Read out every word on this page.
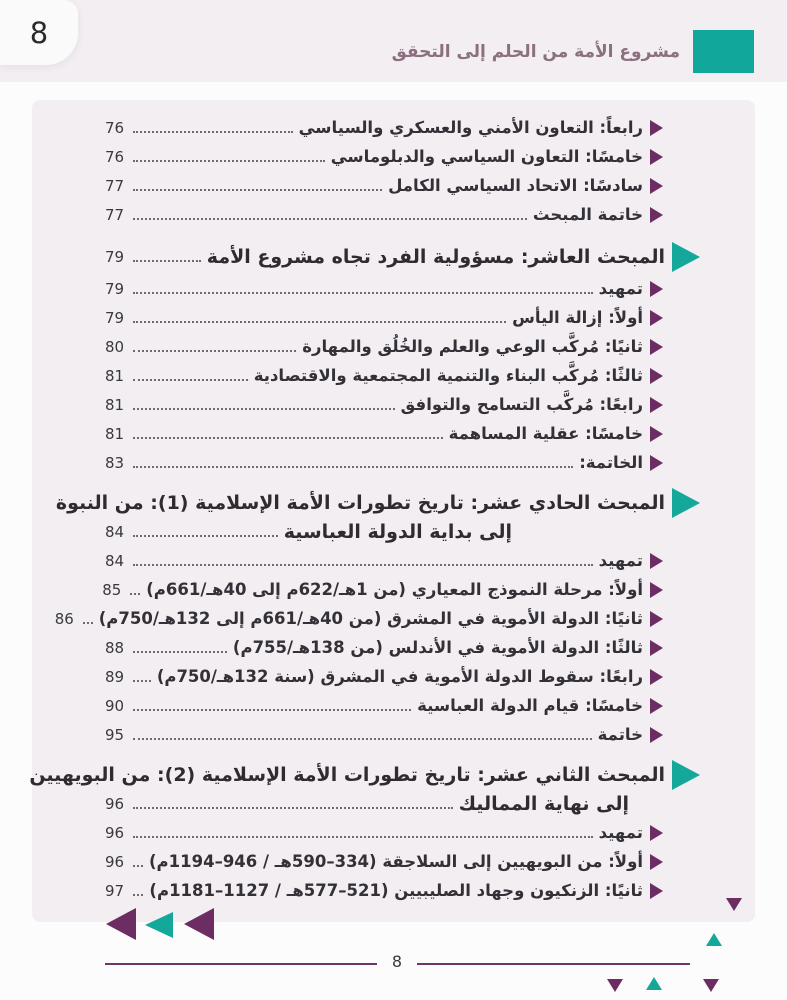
8
مشروع الأمة من الحلم إلى التحقق
رابعاً: التعاون الأمني والعسكري والسياسي
76
خامسًا: التعاون السياسي والدبلوماسي
76
سادسًا: الاتحاد السياسي الكامل
77
خاتمة المبحث
77
المبحث العاشر: مسؤولية الفرد تجاه مشروع الأمة
79
تمهيد
79
أولاً: إزالة اليأس
79
ثانيًا: مُركَّب الوعي والعلم والخُلُق والمهارة
80
ثالثًا: مُركَّب البناء والتنمية المجتمعية والاقتصادية
81
رابعًا: مُركَّب التسامح والتوافق
81
خامسًا: عقلية المساهمة
81
الخاتمة:
83
المبحث الحادي عشر: تاريخ تطورات الأمة الإسلامية (1): من النبوة
إلى بداية الدولة العباسية
84
تمهيد
84
أولاً: مرحلة النموذج المعياري (من 1هـ/622م إلى 40هـ/661م)
85
ثانيًا: الدولة الأموية في المشرق (من 40هـ/661م إلى 132هـ/750م)
86
ثالثًا: الدولة الأموية في الأندلس (من 138هـ/755م)
88
رابعًا: سقوط الدولة الأموية في المشرق (سنة 132هـ/750م)
89
خامسًا: قيام الدولة العباسية
90
خاتمة
95
المبحث الثاني عشر: تاريخ تطورات الأمة الإسلامية (2): من البويهيين
إلى نهاية المماليك
96
تمهيد
96
أولاً: من البويهيين إلى السلاجقة (334–590هـ / 946–1194م)
96
ثانيًا: الزنكيون وجهاد الصليبيين (521–577هـ / 1127–1181م)
97
8
